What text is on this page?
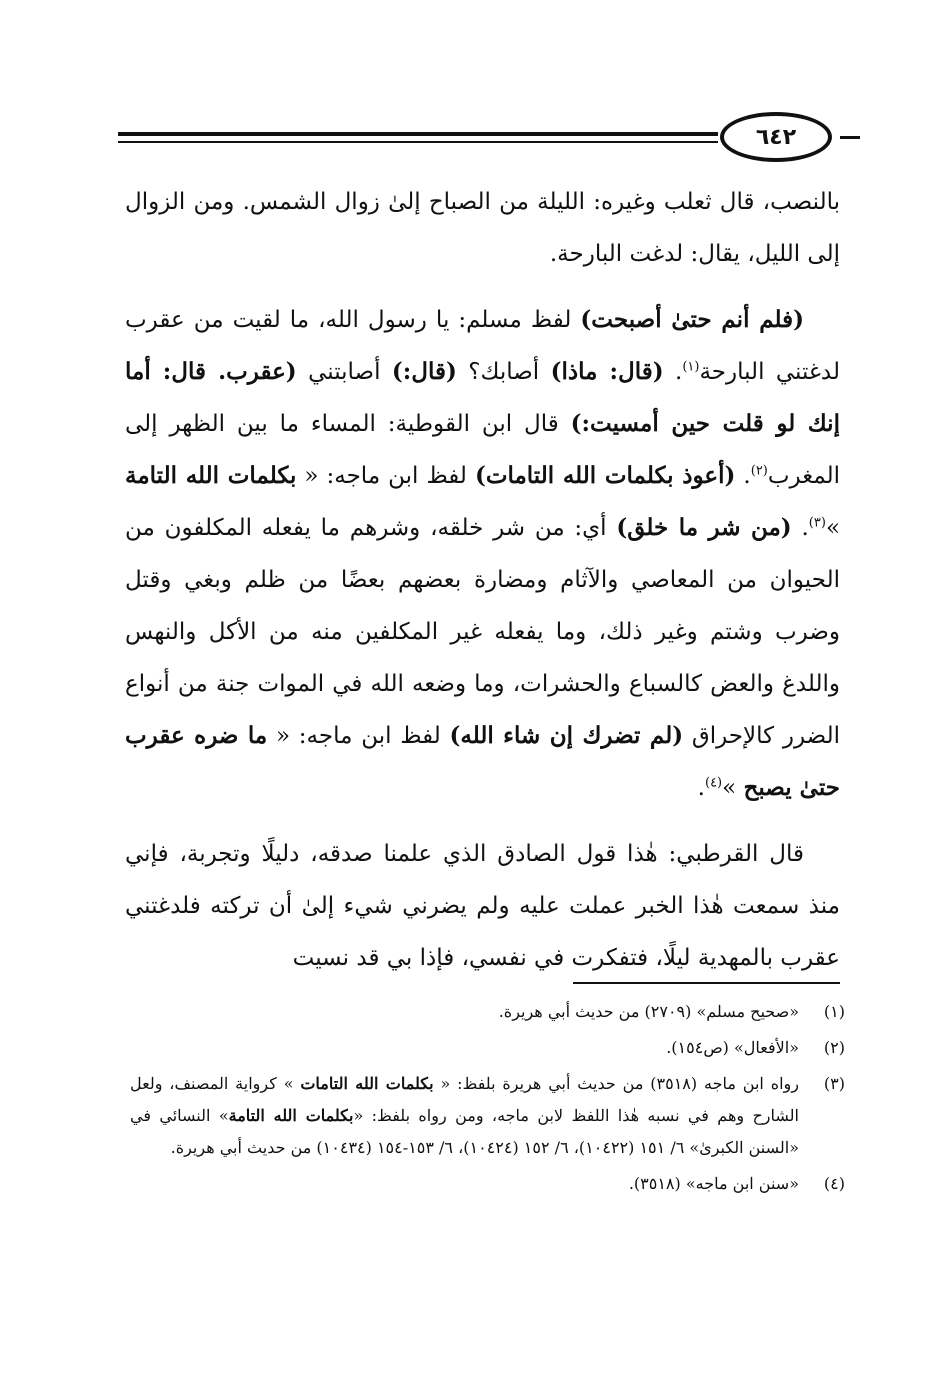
٦٤٢

بالنصب، قال ثعلب وغيره: الليلة من الصباح إلىٰ زوال الشمس. ومن الزوال إلى الليل، يقال: لدغت البارحة.

(فلم أنم حتىٰ أصبحت) لفظ مسلم: يا رسول الله، ما لقيت من عقرب لدغتني البارحة$^{(١)}$. (قال: ماذا) أصابك؟ (قال:) أصابتني (عقرب. قال: أما إنك لو قلت حين أمسيت:) قال ابن القوطية: المساء ما بين الظهر إلى المغرب$^{(٢)}$. (أعوذ بكلمات الله التامات) لفظ ابن ماجه: « بكلمات الله التامة »$^{(٣)}$. (من شر ما خلق) أي: من شر خلقه، وشرهم ما يفعله المكلفون من الحيوان من المعاصي والآثام ومضارة بعضهم بعضًا من ظلم وبغي وقتل وضرب وشتم وغير ذلك، وما يفعله غير المكلفين منه من الأكل والنهس واللدغ والعض كالسباع والحشرات، وما وضعه الله في الموات جنة من أنواع الضرر كالإحراق (لم تضرك إن شاء الله) لفظ ابن ماجه: « ما ضره عقرب حتىٰ يصبح »$^{(٤)}$.

قال القرطبي: هٰذا قول الصادق الذي علمنا صدقه، دليلًا وتجربة، فإني منذ سمعت هٰذا الخبر عملت عليه ولم يضرني شيء إلىٰ أن تركته فلدغتني عقرب بالمهدية ليلًا، فتفكرت في نفسي، فإذا بي قد نسيت

(١)
«صحيح مسلم» (٢٧٠٩) من حديث أبي هريرة.
(٢)
«الأفعال» (ص١٥٤).
(٣)
رواه ابن ماجه (٣٥١٨) من حديث أبي هريرة بلفظ: « بكلمات الله التامات » كرواية المصنف، ولعل الشارح وهم في نسبه هٰذا اللفظ لابن ماجه، ومن رواه بلفظ: «بكلمات الله التامة» النسائي في «السنن الكبرىٰ» ٦/ ١٥١ (١٠٤٢٢)، ٦/ ١٥٢ (١٠٤٢٤)، ٦/ ١٥٣-١٥٤ (١٠٤٣٤) من حديث أبي هريرة.
(٤)
«سنن ابن ماجه» (٣٥١٨).
